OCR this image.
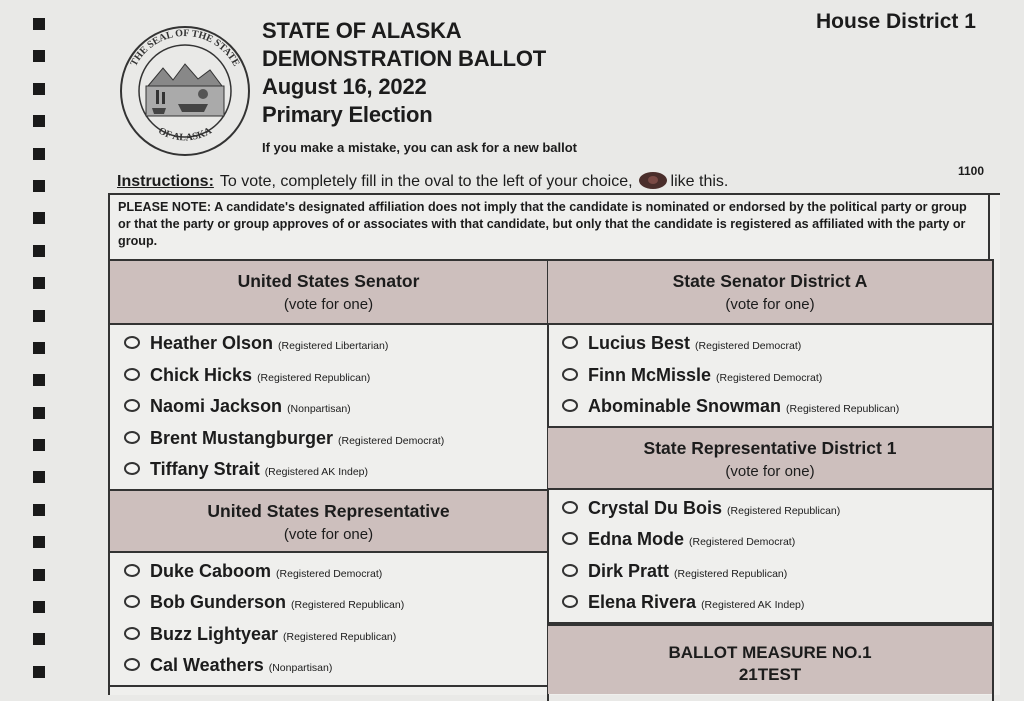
THE SEAL OF THE STATE
OF ALASKA
STATE OF ALASKA
DEMONSTRATION BALLOT
August 16, 2022
Primary Election
If you make a mistake, you can ask for a new ballot
House District 1
1100
Instructions: To vote, completely fill in the oval to the left of your choice, like this.
PLEASE NOTE: A candidate's designated affiliation does not imply that the candidate is nominated or endorsed by the political party or group or that the party or group approves of or associates with that candidate, but only that the candidate is registered as affiliated with the party or group.
United States Senator
(vote for one)
Heather Olson (Registered Libertarian)
Chick Hicks (Registered Republican)
Naomi Jackson (Nonpartisan)
Brent Mustangburger (Registered Democrat)
Tiffany Strait (Registered AK Indep)
United States Representative
(vote for one)
Duke Caboom (Registered Democrat)
Bob Gunderson (Registered Republican)
Buzz Lightyear (Registered Republican)
Cal Weathers (Nonpartisan)
State Senator District A
(vote for one)
Lucius Best (Registered Democrat)
Finn McMissle (Registered Democrat)
Abominable Snowman (Registered Republican)
State Representative District 1
(vote for one)
Crystal Du Bois (Registered Republican)
Edna Mode (Registered Democrat)
Dirk Pratt (Registered Republican)
Elena Rivera (Registered AK Indep)
BALLOT MEASURE NO.1
21TEST
